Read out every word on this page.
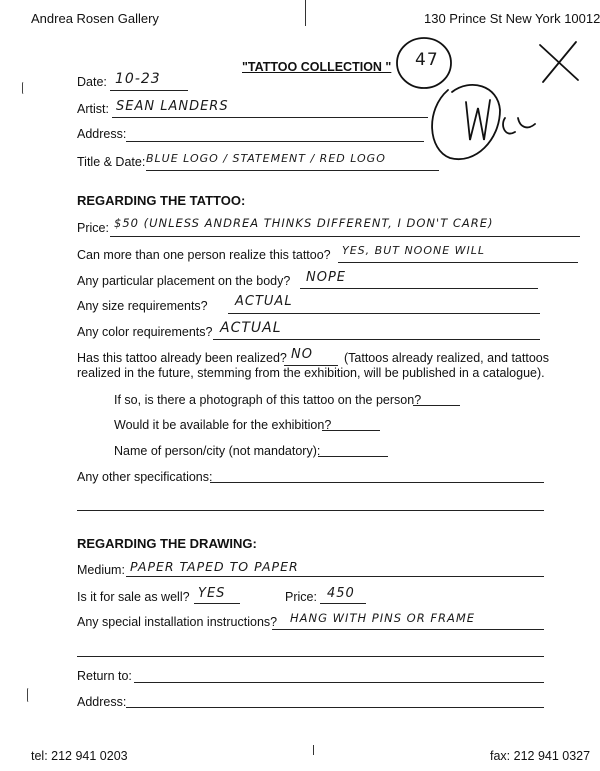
Andrea Rosen Gallery	130 Prince St New York 10012
"TATTOO COLLECTION " 47
Date: 10-23
Artist: SEAN LANDERS
Address:
Title & Date: BLUE LOGO / STATEMENT / RED LOGO
REGARDING THE TATTOO:
Price: $50 (UNLESS ANDREA THINKS DIFFERENT, I DON'T CARE)
Can more than one person realize this tattoo? YES, BUT NOONE WILL
Any particular placement on the body? NOPE
Any size requirements? ACTUAL
Any color requirements? ACTUAL
Has this tattoo already been realized? NO (Tattoos already realized, and tattoos
realized in the future, stemming from the exhibition, will be published in a catalogue).
If so, is there a photograph of this tattoo on the person?
Would it be available for the exhibition?
Name of person/city (not mandatory):
Any other specifications:
REGARDING THE DRAWING:
Medium: PAPER TAPED TO PAPER
Is it for sale as well? YES	Price: 450
Any special installation instructions? HANG WITH PINS OR FRAME
Return to:
Address:
tel: 212 941 0203	fax: 212 941 0327
